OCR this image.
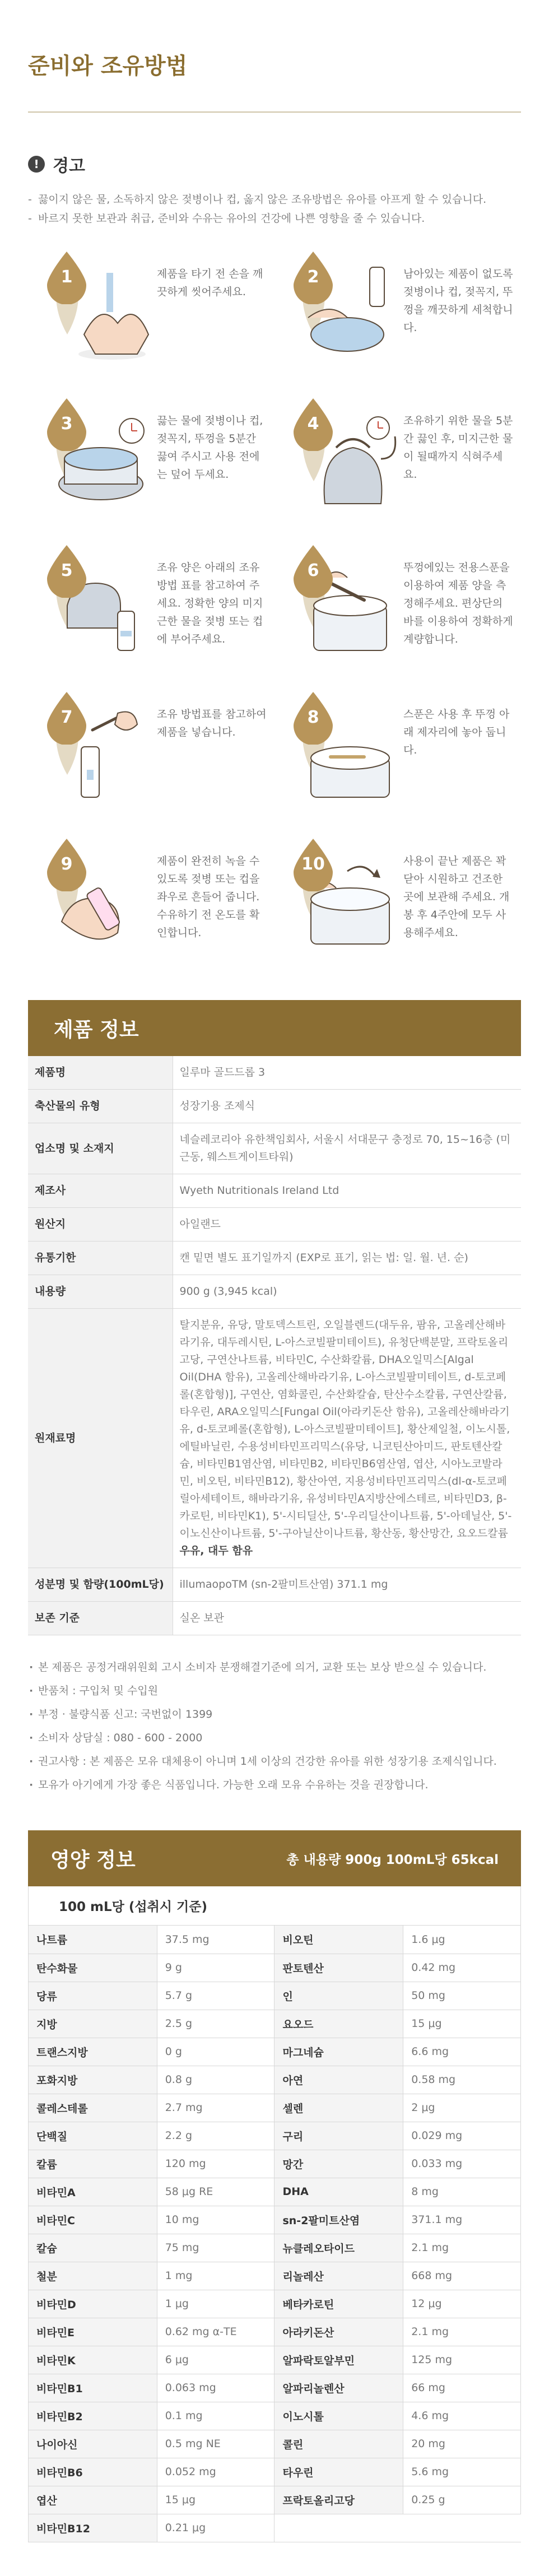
준비와 조유방법
! 경고
- 끓이지 않은 물, 소독하지 않은 젖병이나 컵, 옳지 않은 조유방법은 유아를 아프게 할 수 있습니다.
- 바르지 못한 보관과 취급, 준비와 수유는 유아의 건강에 나쁜 영향을 줄 수 있습니다.
1	제품을 타기 전 손을 깨끗하게 씻어주세요.
2	남아있는 제품이 없도록 젖병이나 컵, 젖꼭지, 뚜껑을 깨끗하게 세척합니다.
3	끓는 물에 젖병이나 컵, 젖꼭지, 뚜껑을 5분간 끓여 주시고 사용 전에는 덮어 두세요.
4	조유하기 위한 물을 5분간 끓인 후, 미지근한 물이 될때까지 식혀주세요.
5	조유 양은 아래의 조유방법 표를 참고하여 주세요. 정확한 양의 미지근한 물을 젖병 또는 컵에 부어주세요.
6	뚜껑에있는 전용스푼을 이용하여 제품 양을 측정해주세요. 편상단의 바를 이용하여 정확하게 계량합니다.
7	조유 방법표를 참고하여 제품을 넣습니다.
8	스푼은 사용 후 뚜껑 아래 제자리에 놓아 둡니다.
9	제품이 완전히 녹을 수 있도록 젖병 또는 컵을 좌우로 흔들어 줍니다. 수유하기 전 온도를 확인합니다.
10	사용이 끝난 제품은 꽉 닫아 시원하고 건조한 곳에 보관해 주세요. 개봉 후 4주안에 모두 사용해주세요.
제품 정보
제품명	일루마 골드드롭 3
축산물의 유형	성장기용 조제식
업소명 및 소재지	네슬레코리아 유한책임회사, 서울시 서대문구 충정로 70, 15~16층 (미근동, 웨스트게이트타워)
제조사	Wyeth Nutritionals Ireland Ltd
원산지	아일랜드
유통기한	캔 밑면 별도 표기일까지 (EXP로 표기, 읽는 법: 일. 월. 년. 순)
내용량	900 g (3,945 kcal)
원재료명	탈지분유, 유당, 말토덱스트린, 오일블렌드(대두유, 팜유, 고올레산해바라기유, 대두레시틴, L-아스코빌팔미테이트), 유청단백분말, 프락토올리고당, 구연산나트륨, 비타민C, 수산화칼륨, DHA오일믹스[Algal Oil(DHA 함유), 고올레산해바라기유, L-아스코빌팔미테이트, d-토코페롤(혼합형)], 구연산, 염화콜린, 수산화칼슘, 탄산수소칼륨, 구연산칼륨, 타우린, ARA오일믹스[Fungal Oil(아라키돈산 함유), 고올레산해바라기유, d-토코페롤(혼합형), L-아스코빌팔미테이트], 황산제일철, 이노시톨, 에틸바닐린, 수용성비타민프리믹스(유당, 니코틴산아미드, 판토텐산칼슘, 비타민B1염산염, 비타민B2, 비타민B6염산염, 엽산, 시아노코발라민, 비오틴, 비타민B12), 황산아연, 지용성비타민프리믹스(dl-α-토코페릴아세테이트, 해바라기유, 유성비타민A지방산에스테르, 비타민D3, β-카로틴, 비타민K1), 5'-시티딜산, 5'-우리딜산이나트륨, 5'-아데닐산, 5'-이노신산이나트륨, 5'-구아닐산이나트륨, 황산동, 황산망간, 요오드칼륨
우유, 대두 함유
성분명 및 함량(100mL당)	illumaopoTM (sn-2팔미트산염) 371.1 mg
보존 기준	실온 보관
· 본 제품은 공정거래위원회 고시 소비자 분쟁해결기준에 의거, 교환 또는 보상 받으실 수 있습니다.
· 반품처 : 구입처 및 수입원
· 부정 · 불량식품 신고: 국번없이 1399
· 소비자 상담실 : 080 - 600 - 2000
· 권고사항 : 본 제품은 모유 대체용이 아니며 1세 이상의 건강한 유아를 위한 성장기용 조제식입니다.
· 모유가 아기에게 가장 좋은 식품입니다. 가능한 오래 모유 수유하는 것을 권장합니다.
영양 정보	총 내용량 900g 100mL당 65kcal
100 mL당 (섭취시 기준)
나트륨	37.5 mg	비오틴	1.6 μg
탄수화물	9 g	판토텐산	0.42 mg
당류	5.7 g	인	50 mg
지방	2.5 g	요오드	15 μg
트랜스지방	0 g	마그네슘	6.6 mg
포화지방	0.8 g	아연	0.58 mg
콜레스테롤	2.7 mg	셀렌	2 μg
단백질	2.2 g	구리	0.029 mg
칼륨	120 mg	망간	0.033 mg
비타민A	58 μg RE	DHA	8 mg
비타민C	10 mg	sn-2팔미트산염	371.1 mg
칼슘	75 mg	뉴클레오타이드	2.1 mg
철분	1 mg	리놀레산	668 mg
비타민D	1 μg	베타카로틴	12 μg
비타민E	0.62 mg α-TE	아라키돈산	2.1 mg
비타민K	6 μg	알파락토알부민	125 mg
비타민B1	0.063 mg	알파리놀렌산	66 mg
비타민B2	0.1 mg	이노시톨	4.6 mg
나이아신	0.5 mg NE	콜린	20 mg
비타민B6	0.052 mg	타우린	5.6 mg
엽산	15 μg	프락토올리고당	0.25 g
비타민B12	0.21 μg		
